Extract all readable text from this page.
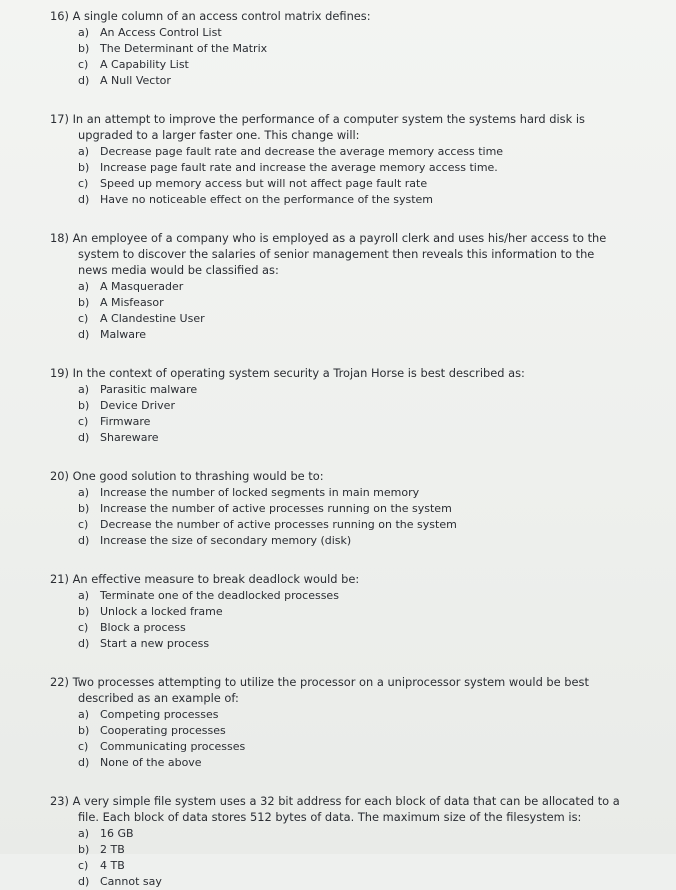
16) A single column of an access control matrix defines:
a) An Access Control List
b) The Determinant of the Matrix
c) A Capability List
d) A Null Vector
17) In an attempt to improve the performance of a computer system the systems hard disk is upgraded to a larger faster one. This change will:
a) Decrease page fault rate and decrease the average memory access time
b) Increase page fault rate and increase the average memory access time.
c) Speed up memory access but will not affect page fault rate
d) Have no noticeable effect on the performance of the system
18) An employee of a company who is employed as a payroll clerk and uses his/her access to the system to discover the salaries of senior management then reveals this information to the news media would be classified as:
a) A Masquerader
b) A Misfeasor
c) A Clandestine User
d) Malware
19) In the context of operating system security a Trojan Horse is best described as:
a) Parasitic malware
b) Device Driver
c) Firmware
d) Shareware
20) One good solution to thrashing would be to:
a) Increase the number of locked segments in main memory
b) Increase the number of active processes running on the system
c) Decrease the number of active processes running on the system
d) Increase the size of secondary memory (disk)
21) An effective measure to break deadlock would be:
a) Terminate one of the deadlocked processes
b) Unlock a locked frame
c) Block a process
d) Start a new process
22) Two processes attempting to utilize the processor on a uniprocessor system would be best described as an example of:
a) Competing processes
b) Cooperating processes
c) Communicating processes
d) None of the above
23) A very simple file system uses a 32 bit address for each block of data that can be allocated to a file. Each block of data stores 512 bytes of data. The maximum size of the filesystem is:
a) 16 GB
b) 2 TB
c) 4 TB
d) Cannot say
